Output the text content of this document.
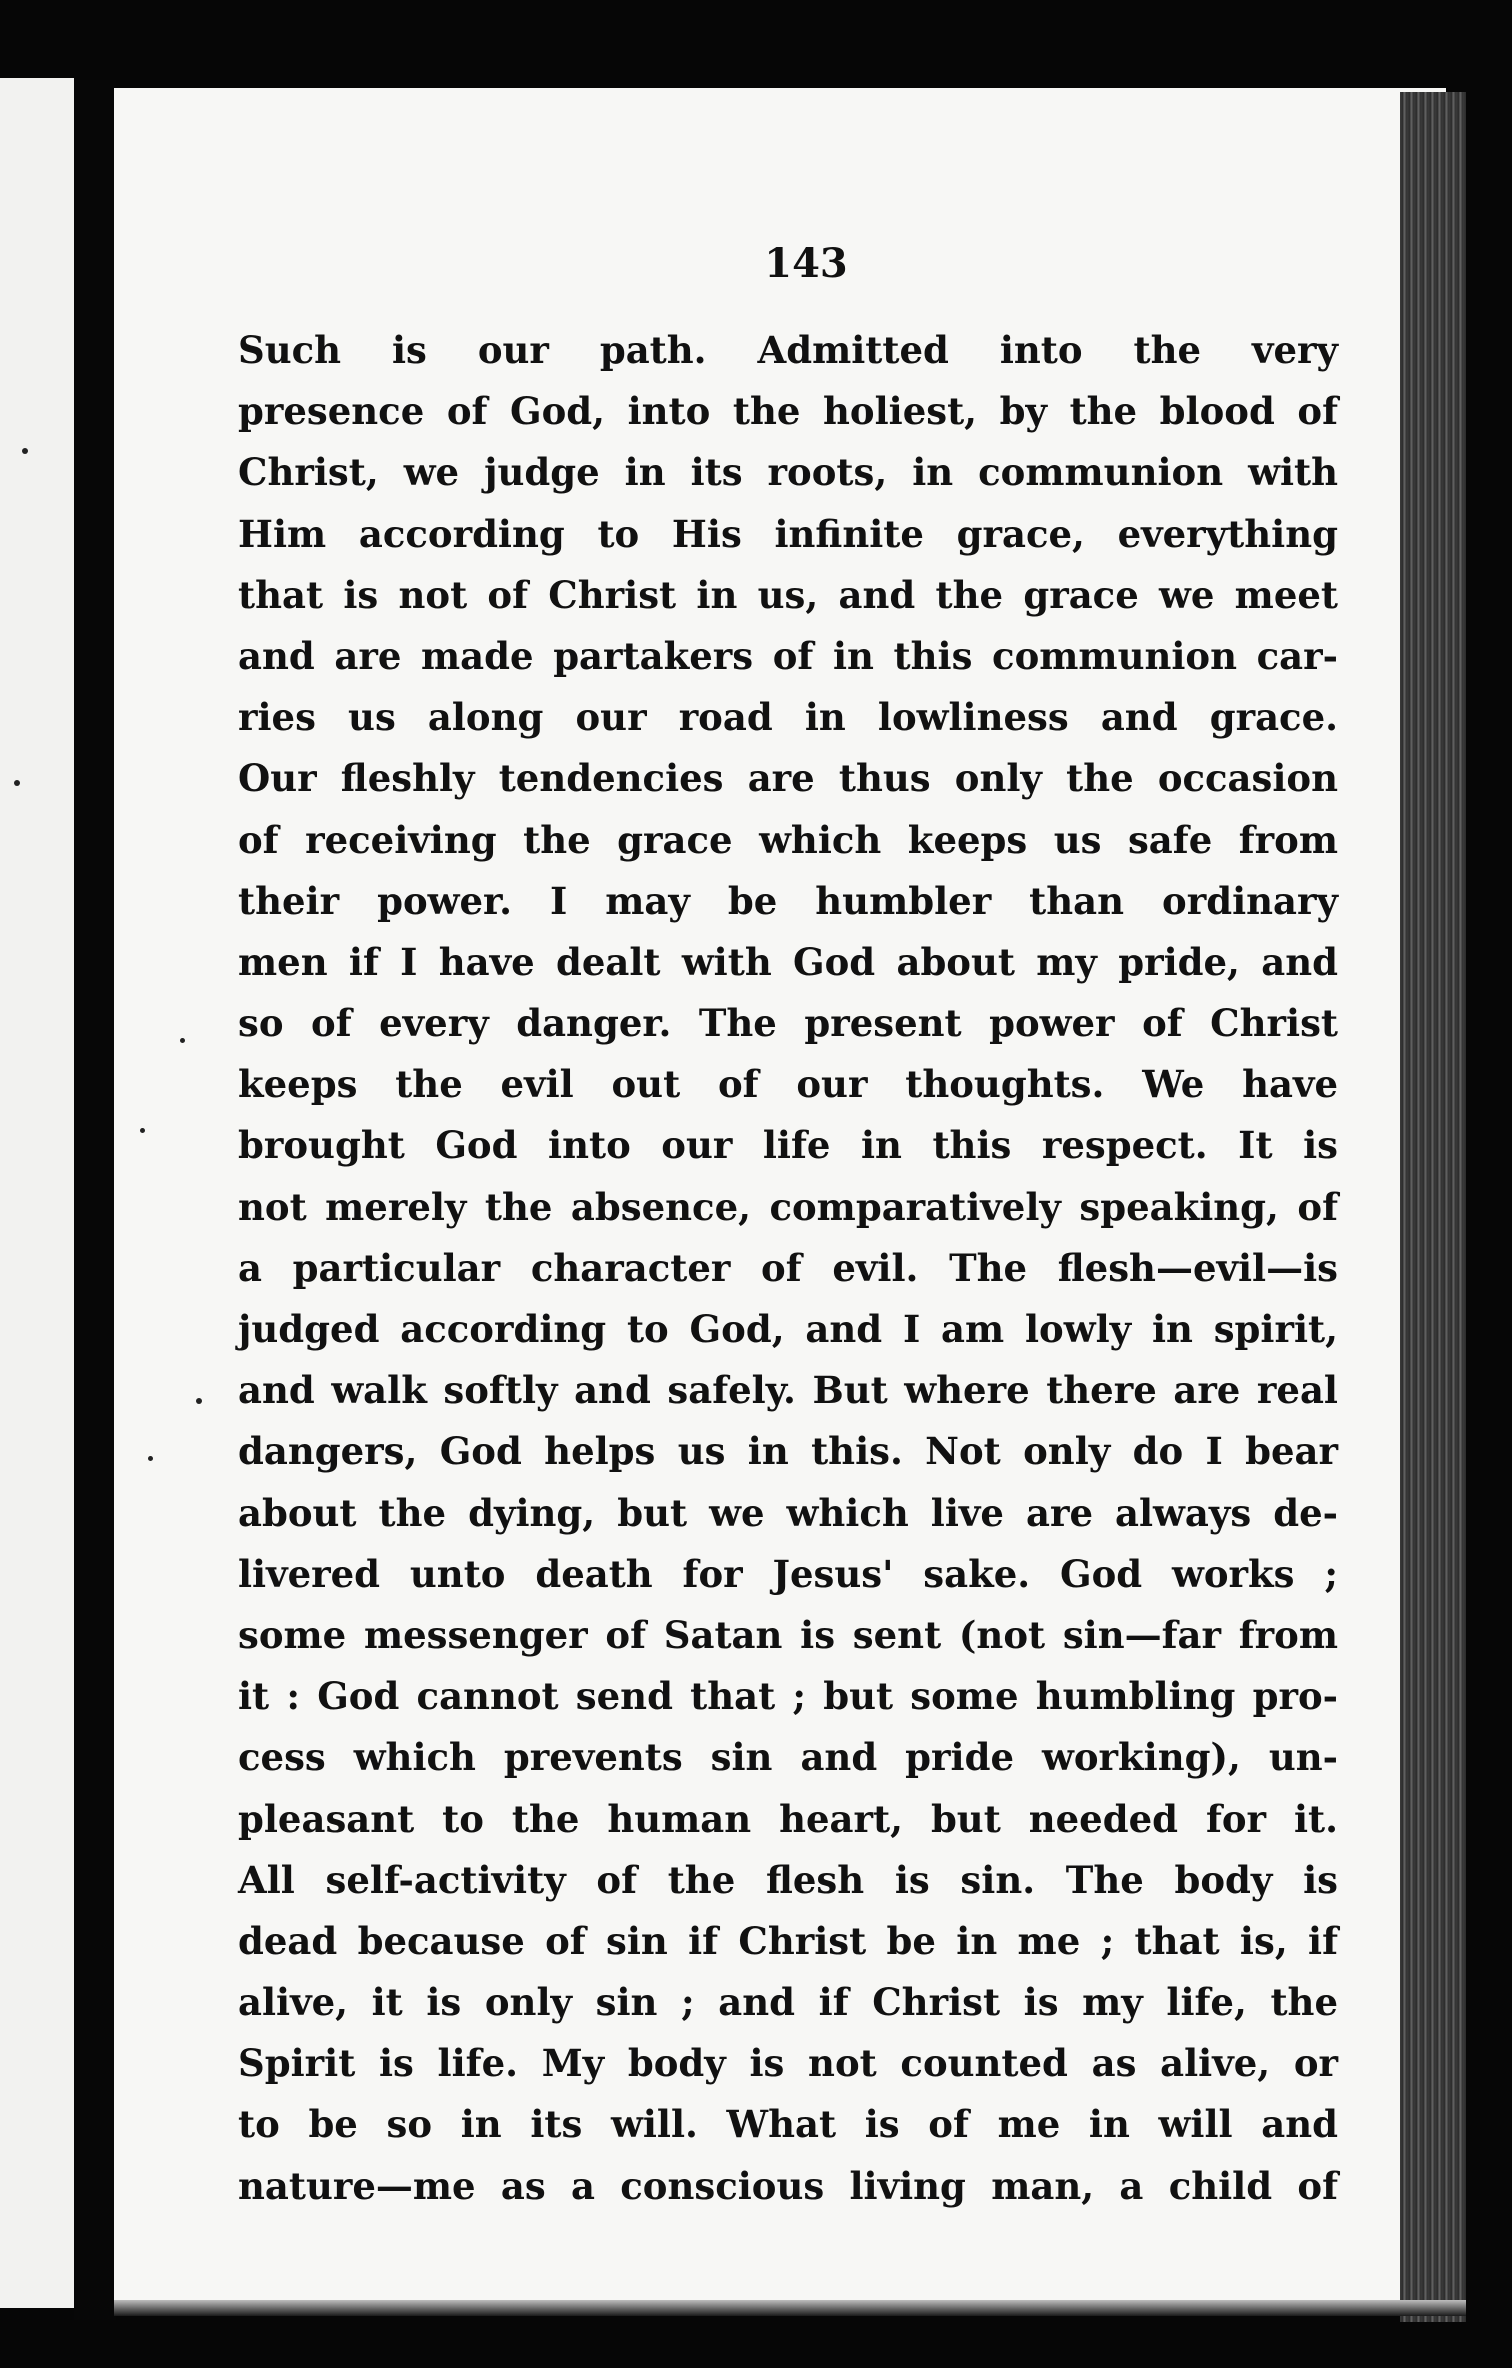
143
Such is our path. Admitted into the very
presence of God, into the holiest, by the blood of
Christ, we judge in its roots, in communion with
Him according to His infinite grace, everything
that is not of Christ in us, and the grace we meet
and are made partakers of in this communion car-
ries us along our road in lowliness and grace.
Our fleshly tendencies are thus only the occasion
of receiving the grace which keeps us safe from
their power. I may be humbler than ordinary
men if I have dealt with God about my pride, and
so of every danger. The present power of Christ
keeps the evil out of our thoughts. We have
brought God into our life in this respect. It is
not merely the absence, comparatively speaking, of
a particular character of evil. The flesh—evil—is
judged according to God, and I am lowly in spirit,
and walk softly and safely. But where there are real
dangers, God helps us in this. Not only do I bear
about the dying, but we which live are always de-
livered unto death for Jesus' sake. God works ;
some messenger of Satan is sent (not sin—far from
it : God cannot send that ; but some humbling pro-
cess which prevents sin and pride working), un-
pleasant to the human heart, but needed for it.
All self-activity of the flesh is sin. The body is
dead because of sin if Christ be in me ; that is, if
alive, it is only sin ; and if Christ is my life, the
Spirit is life. My body is not counted as alive, or
to be so in its will. What is of me in will and
nature—me as a conscious living man, a child of
